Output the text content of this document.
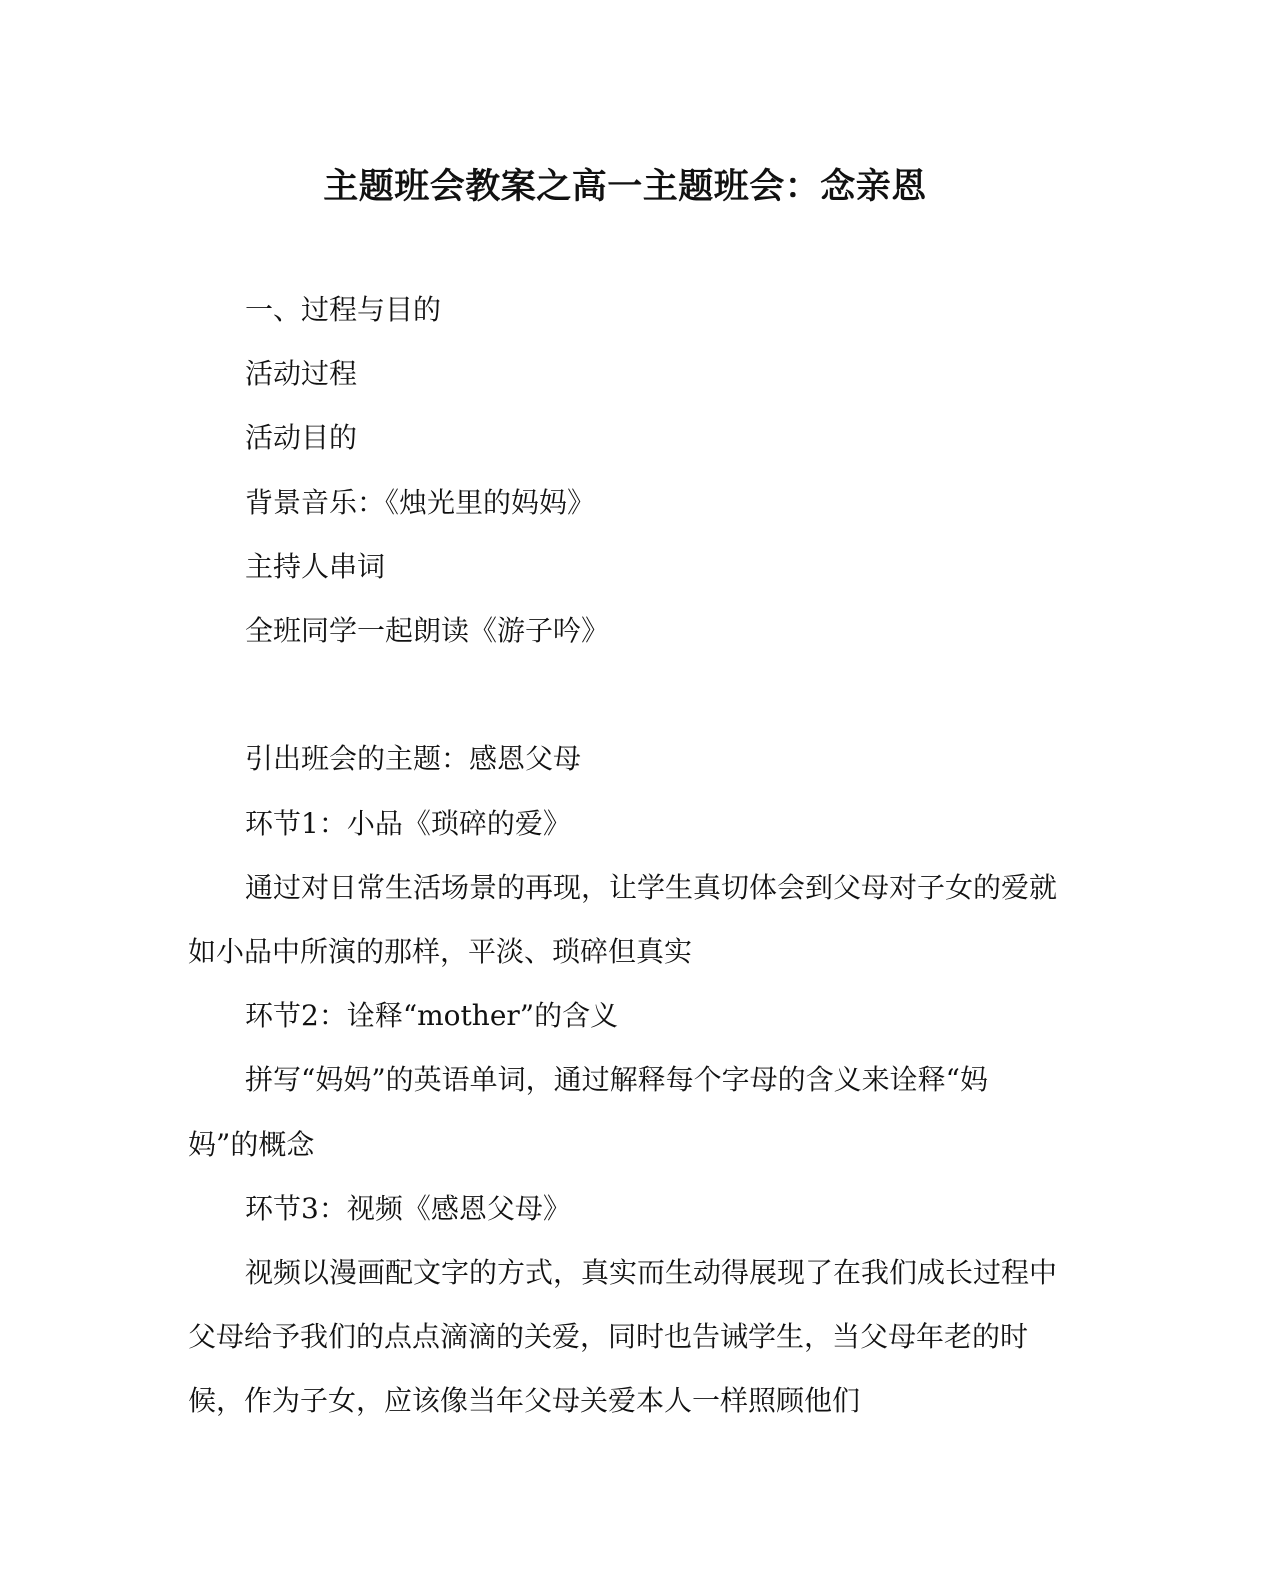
主题班会教案之高一主题班会：念亲恩

一、过程与目的

活动过程

活动目的

背景音乐：《烛光里的妈妈》

主持人串词

全班同学一起朗读《游子吟》

引出班会的主题：感恩父母

环节1：小品《琐碎的爱》

通过对日常生活场景的再现，让学生真切体会到父母对子女的爱就如小品中所演的那样，平淡、琐碎但真实

环节2：诠释“mother”的含义

拼写“妈妈”的英语单词，通过解释每个字母的含义来诠释“妈妈”的概念

环节3：视频《感恩父母》

视频以漫画配文字的方式，真实而生动得展现了在我们成长过程中父母给予我们的点点滴滴的关爱，同时也告诫学生，当父母年老的时候，作为子女，应该像当年父母关爱本人一样照顾他们
